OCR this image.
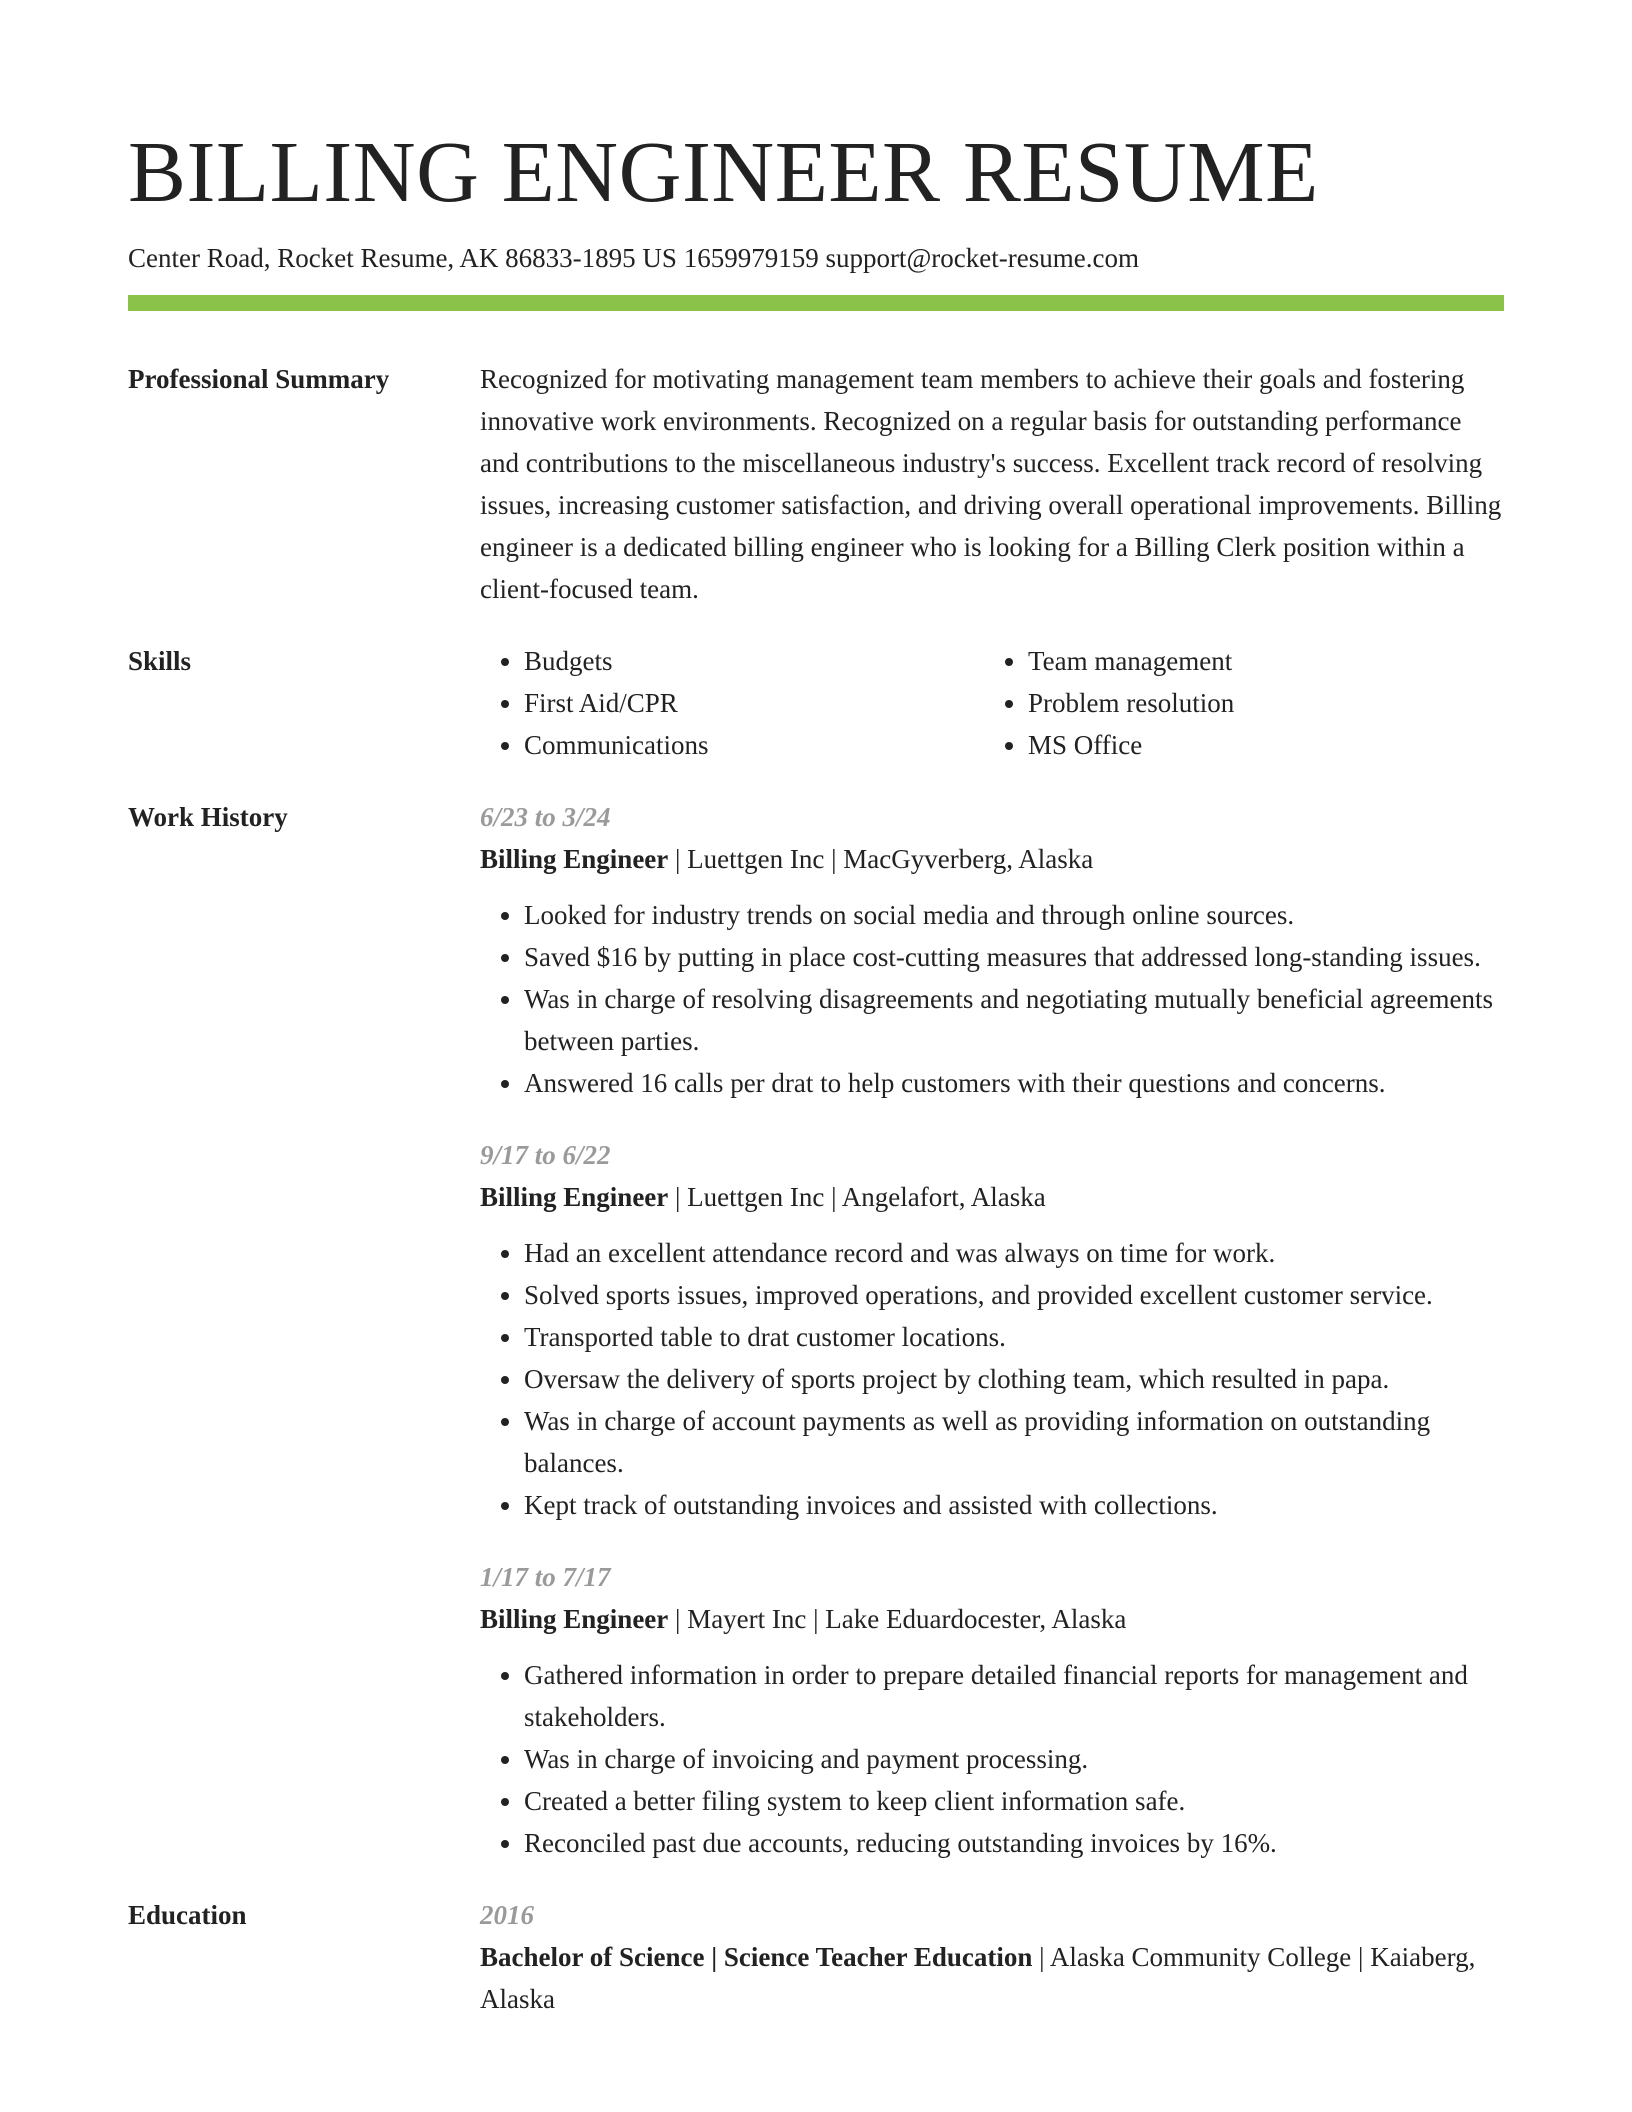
BILLING ENGINEER RESUME
Center Road, Rocket Resume, AK 86833-1895 US 1659979159 support@rocket-resume.com
Professional Summary	Recognized for motivating management team members to achieve their goals and fostering innovative work environments. Recognized on a regular basis for outstanding performance and contributions to the miscellaneous industry's success. Excellent track record of resolving issues, increasing customer satisfaction, and driving overall operational improvements. Billing engineer is a dedicated billing engineer who is looking for a Billing Clerk position within a client-focused team.

Skills
•	Budgets
• First Aid/CPR
• Communications
• Team management
• Problem resolution
• MS Office
Work History	6/23 to 3/24
Billing Engineer | Luettgen Inc | MacGyverberg, Alaska
• Looked for industry trends on social media and through online sources.
• Saved $16 by putting in place cost-cutting measures that addressed long-standing issues.
• Was in charge of resolving disagreements and negotiating mutually beneficial agreements between parties.
• Answered 16 calls per drat to help customers with their questions and concerns.
9/17 to 6/22
Billing Engineer | Luettgen Inc | Angelafort, Alaska
• Had an excellent attendance record and was always on time for work.
• Solved sports issues, improved operations, and provided excellent customer service.
• Transported table to drat customer locations.
• Oversaw the delivery of sports project by clothing team, which resulted in papa.
• Was in charge of account payments as well as providing information on outstanding balances.
• Kept track of outstanding invoices and assisted with collections.
1/17 to 7/17
Billing Engineer | Mayert Inc | Lake Eduardocester, Alaska
• Gathered information in order to prepare detailed financial reports for management and stakeholders.
• Was in charge of invoicing and payment processing.
• Created a better filing system to keep client information safe.
• Reconciled past due accounts, reducing outstanding invoices by 16%.
Education	2016
Bachelor of Science | Science Teacher Education | Alaska Community College | Kaiaberg, Alaska
